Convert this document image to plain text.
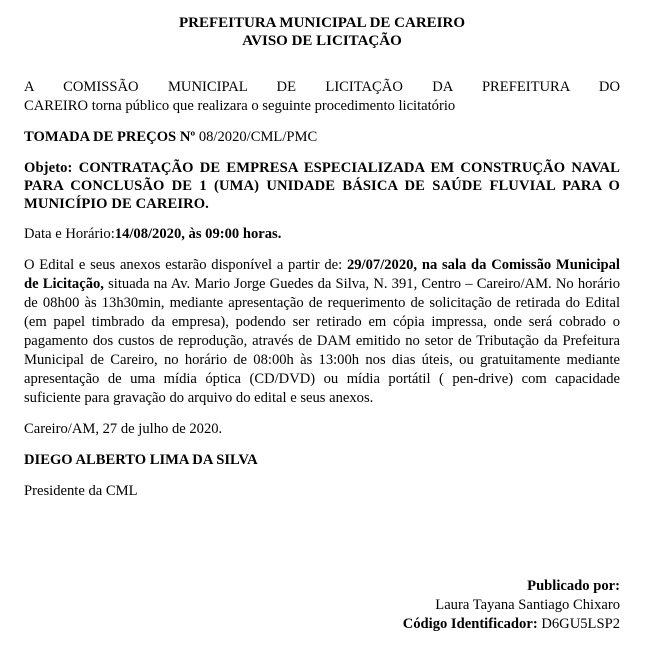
PREFEITURA MUNICIPAL DE CAREIRO
AVISO DE LICITAÇÃO

A COMISSÃO MUNICIPAL DE LICITAÇÃO DA PREFEITURA DO
CAREIRO torna público que realizara o seguinte procedimento licitatório

TOMADA DE PREÇOS Nº 08/2020/CML/PMC

Objeto: CONTRATAÇÃO DE EMPRESA ESPECIALIZADA EM CONSTRUÇÃO NAVAL PARA CONCLUSÃO DE 1 (UMA) UNIDADE BÁSICA DE SAÚDE FLUVIAL PARA O MUNICÍPIO DE CAREIRO.

Data e Horário:14/08/2020, às 09:00 horas.

O Edital e seus anexos estarão disponível a partir de: 29/07/2020, na sala da Comissão Municipal de Licitação, situada na Av. Mario Jorge Guedes da Silva, N. 391, Centro – Careiro/AM. No horário de 08h00 às 13h30min, mediante apresentação de requerimento de solicitação de retirada do Edital (em papel timbrado da empresa), podendo ser retirado em cópia impressa, onde será cobrado o pagamento dos custos de reprodução, através de DAM emitido no setor de Tributação da Prefeitura Municipal de Careiro, no horário de 08:00h às 13:00h nos dias úteis, ou gratuitamente mediante apresentação de uma mídia óptica (CD/DVD) ou mídia portátil ( pen-drive) com capacidade suficiente para gravação do arquivo do edital e seus anexos.

Careiro/AM, 27 de julho de 2020.

DIEGO ALBERTO LIMA DA SILVA

Presidente da CML

Publicado por:
Laura Tayana Santiago Chixaro
Código Identificador: D6GU5LSP2
